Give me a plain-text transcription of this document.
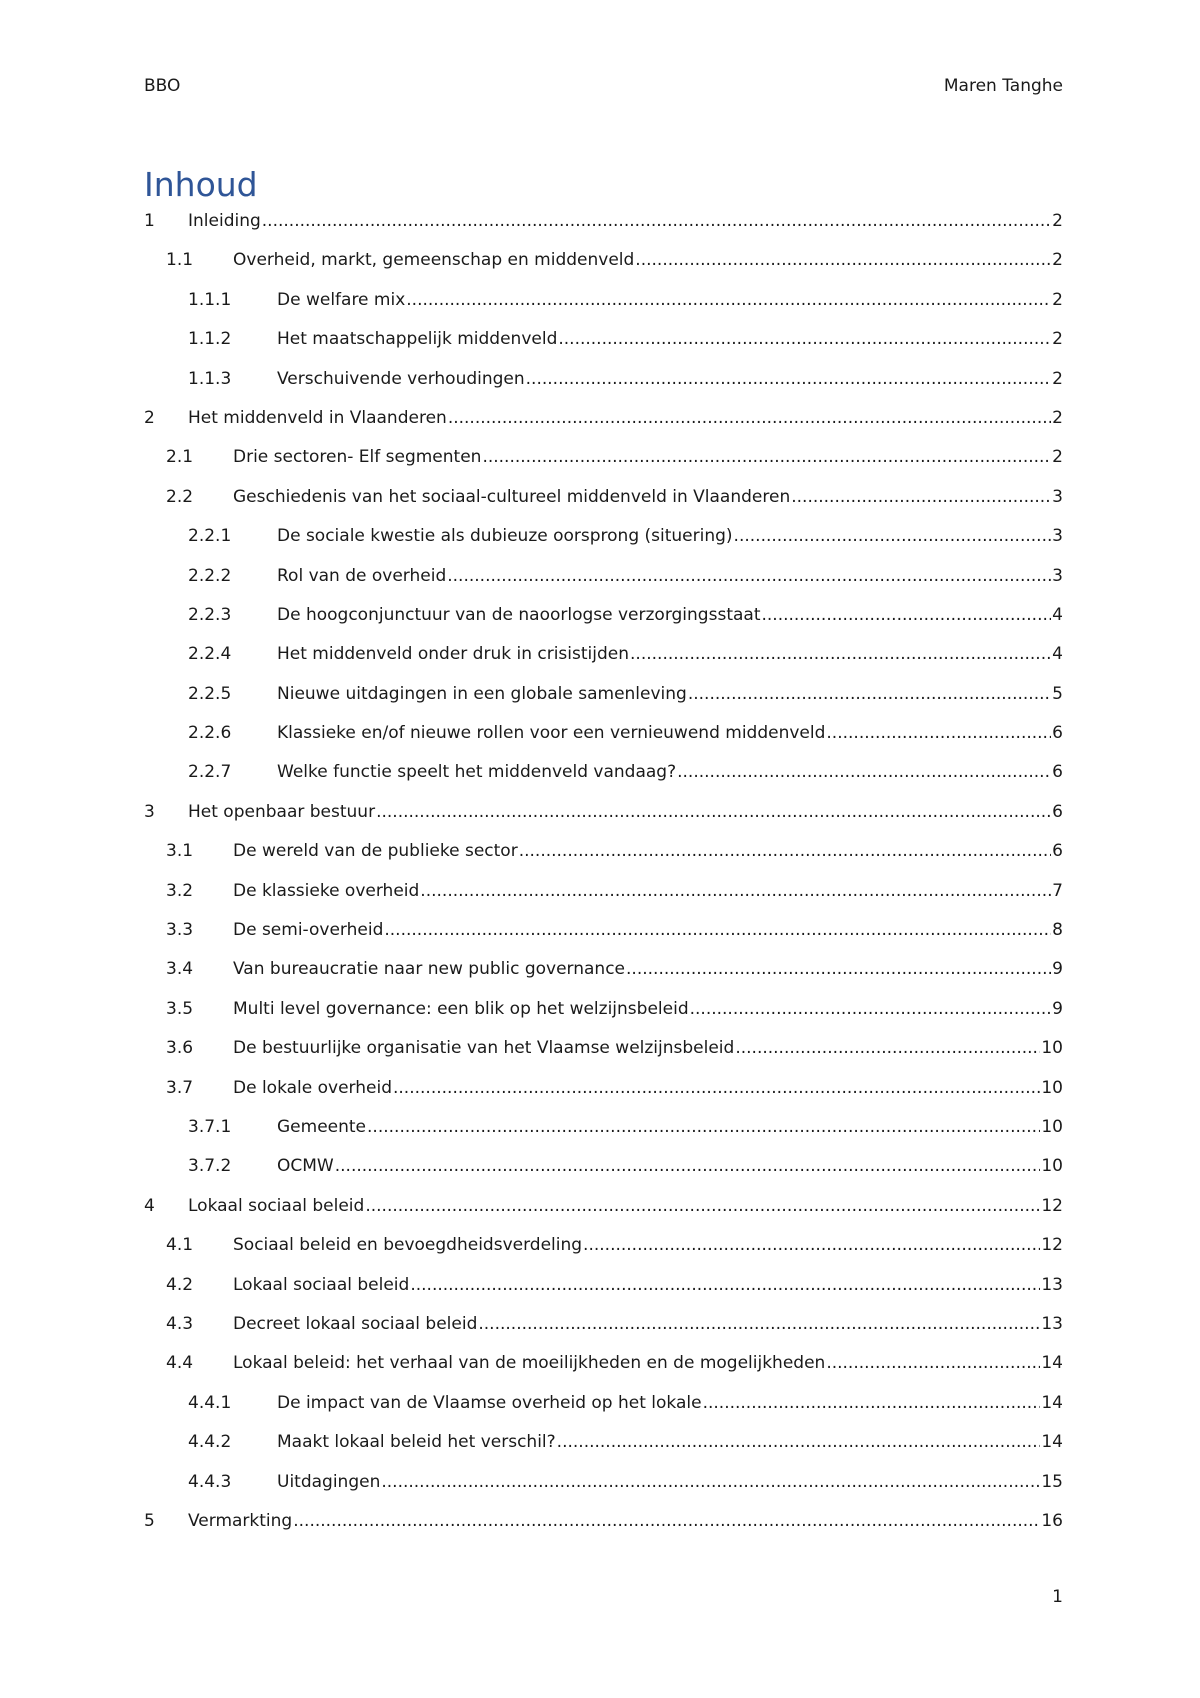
BBO	Maren Tanghe
Inhoud
1 Inleiding .....	2
1.1 Overheid, markt, gemeenschap en middenveld .....	2
1.1.1	De welfare mix .....	2
1.1.2	Het maatschappelijk middenveld .....	2
1.1.3	Verschuivende verhoudingen .....	2
2 Het middenveld in Vlaanderen .....	2
2.1 Drie sectoren- Elf segmenten .....	2
2.2 Geschiedenis van het sociaal-cultureel middenveld in Vlaanderen .....	3
2.2.1	De sociale kwestie als dubieuze oorsprong (situering) .....	3
2.2.2	Rol van de overheid .....	3
2.2.3	De hoogconjunctuur van de naoorlogse verzorgingsstaat .....	4
2.2.4	Het middenveld onder druk in crisistijden .....	4
2.2.5	Nieuwe uitdagingen in een globale samenleving .....	5
2.2.6	Klassieke en/of nieuwe rollen voor een vernieuwend middenveld .....	6
2.2.7	Welke functie speelt het middenveld vandaag? .....	6
3 Het openbaar bestuur .....	6
3.1 De wereld van de publieke sector .....	6
3.2 De klassieke overheid .....	7
3.3 De semi-overheid .....	8
3.4 Van bureaucratie naar new public governance .....	9
3.5 Multi level governance: een blik op het welzijnsbeleid .....	9
3.6 De bestuurlijke organisatie van het Vlaamse welzijnsbeleid .....	10
3.7 De lokale overheid .....	10
3.7.1	Gemeente .....	10
3.7.2	OCMW .....	10
4 Lokaal sociaal beleid .....	12
4.1 Sociaal beleid en bevoegdheidsverdeling .....	12
4.2 Lokaal sociaal beleid .....	13
4.3 Decreet lokaal sociaal beleid .....	13
4.4 Lokaal beleid: het verhaal van de moeilijkheden en de mogelijkheden .....	14
4.4.1	De impact van de Vlaamse overheid op het lokale .....	14
4.4.2	Maakt lokaal beleid het verschil? .....	14
4.4.3	Uitdagingen .....	15
5 Vermarkting .....	16
1
